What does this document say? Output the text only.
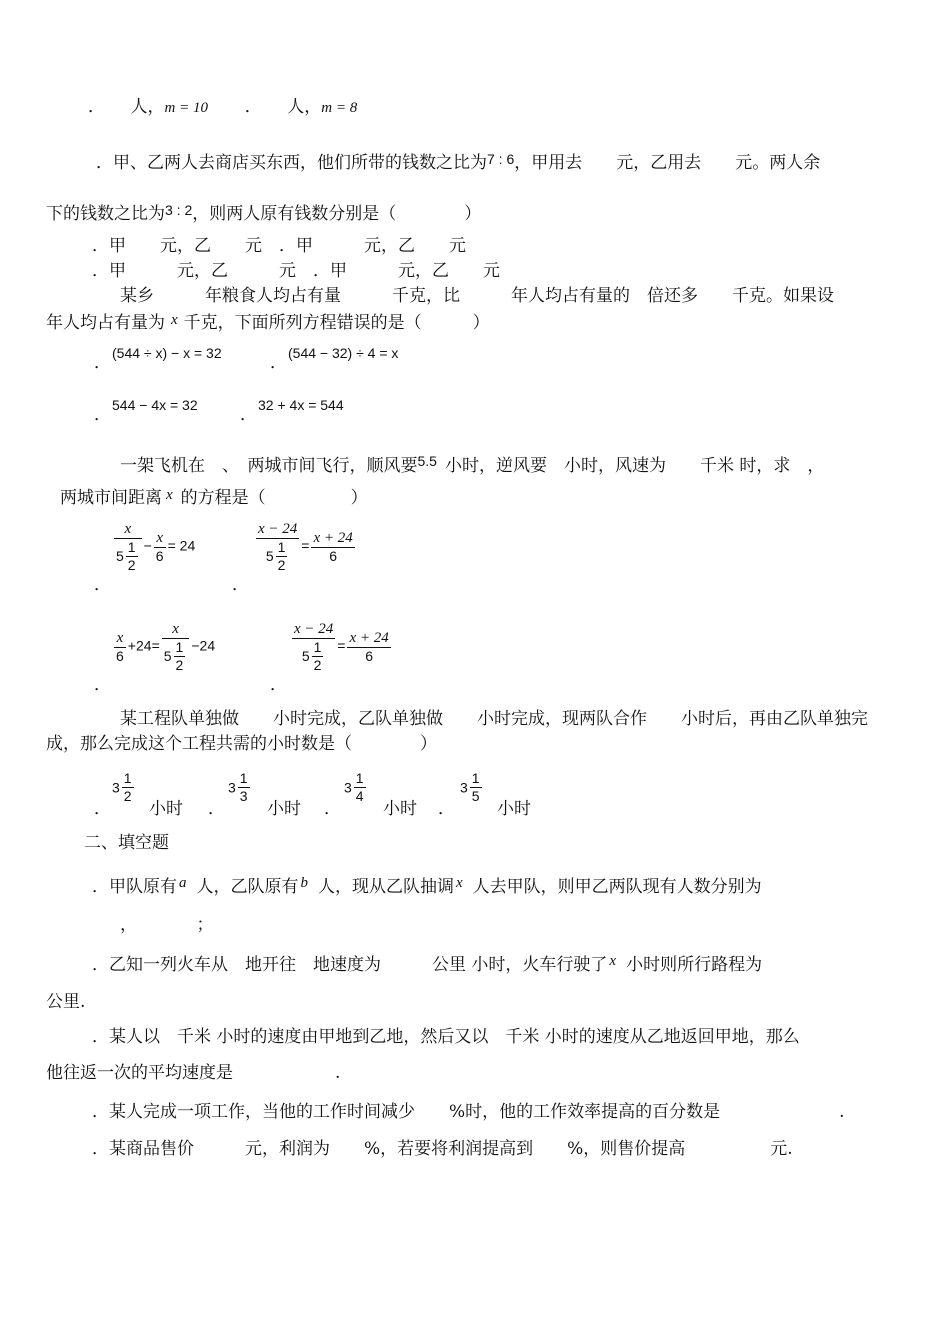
．　　人，m = 10 ．　　人，m = 8
．甲、乙两人去商店买东西，他们所带的钱数之比为$^{7 : 6}$，甲用去　　元，乙用去　　元。两人余
下的钱数之比为$^{3 : 2}$，则两人原有钱数分别是（　　　　）
．甲　　元，乙　　元　．甲　　　元，乙　　元
．甲　　　元，乙　　　元　．甲　　　元，乙　　元
某乡　　　年粮食人均占有量　　　千克，比　　　年人均占有量的　倍还多　　千克。如果设
年人均占有量为 x 千克，下面所列方程错误的是（　　　）
(544 ÷ x) − x = 32
．	(544 − 32) ÷ 4 = x
．
544 − 4x = 32
．	32 + 4x = 544
．
一架飞机在　、　两城市间飞行，顺风要$^{5.5}$ 小时，逆风要　小时，风速为　　千米 时，求　，
两城市间距离 x 的方程是（　　　　　）
$\frac{x}{5 \frac{1}{2}} - \frac{x}{6} = 24$
．
$\frac{x - 24}{5 \frac{1}{2}} = \frac{x + 24}{6}$
．
$\frac{x}{6} +24= \frac{x}{5 \frac{1}{2}} -24$
．
$\frac{x - 24}{5 \frac{1}{2}} = \frac{x + 24}{6}$
．
某工程队单独做　　小时完成，乙队单独做　　小时完成，现两队合作　　小时后，再由乙队单独完
成，那么完成这个工程共需的小时数是（　　　　）
$3 \frac{1}{2}$
． 小时
$3 \frac{1}{3}$
． 小时
$3 \frac{1}{4}$
． 小时
$3 \frac{1}{5}$
． 小时
二、填空题
．甲队原有 a 人，乙队原有 b 人，现从乙队抽调 x 人去甲队，则甲乙两队现有人数分别为
，　　　　；
．乙知一列火车从　地开往　地速度为　　　公里 小时，火车行驶了 x 小时则所行路程为
公里.
．某人以　千米 小时的速度由甲地到乙地，然后又以　千米 小时的速度从乙地返回甲地，那么
他往返一次的平均速度是　　　　　　.
．某人完成一项工作，当他的工作时间减少　　%时，他的工作效率提高的百分数是　　　　　　　.
．某商品售价　　　元，利润为　　%，若要将利润提高到　　%，则售价提高　　　　　元.
